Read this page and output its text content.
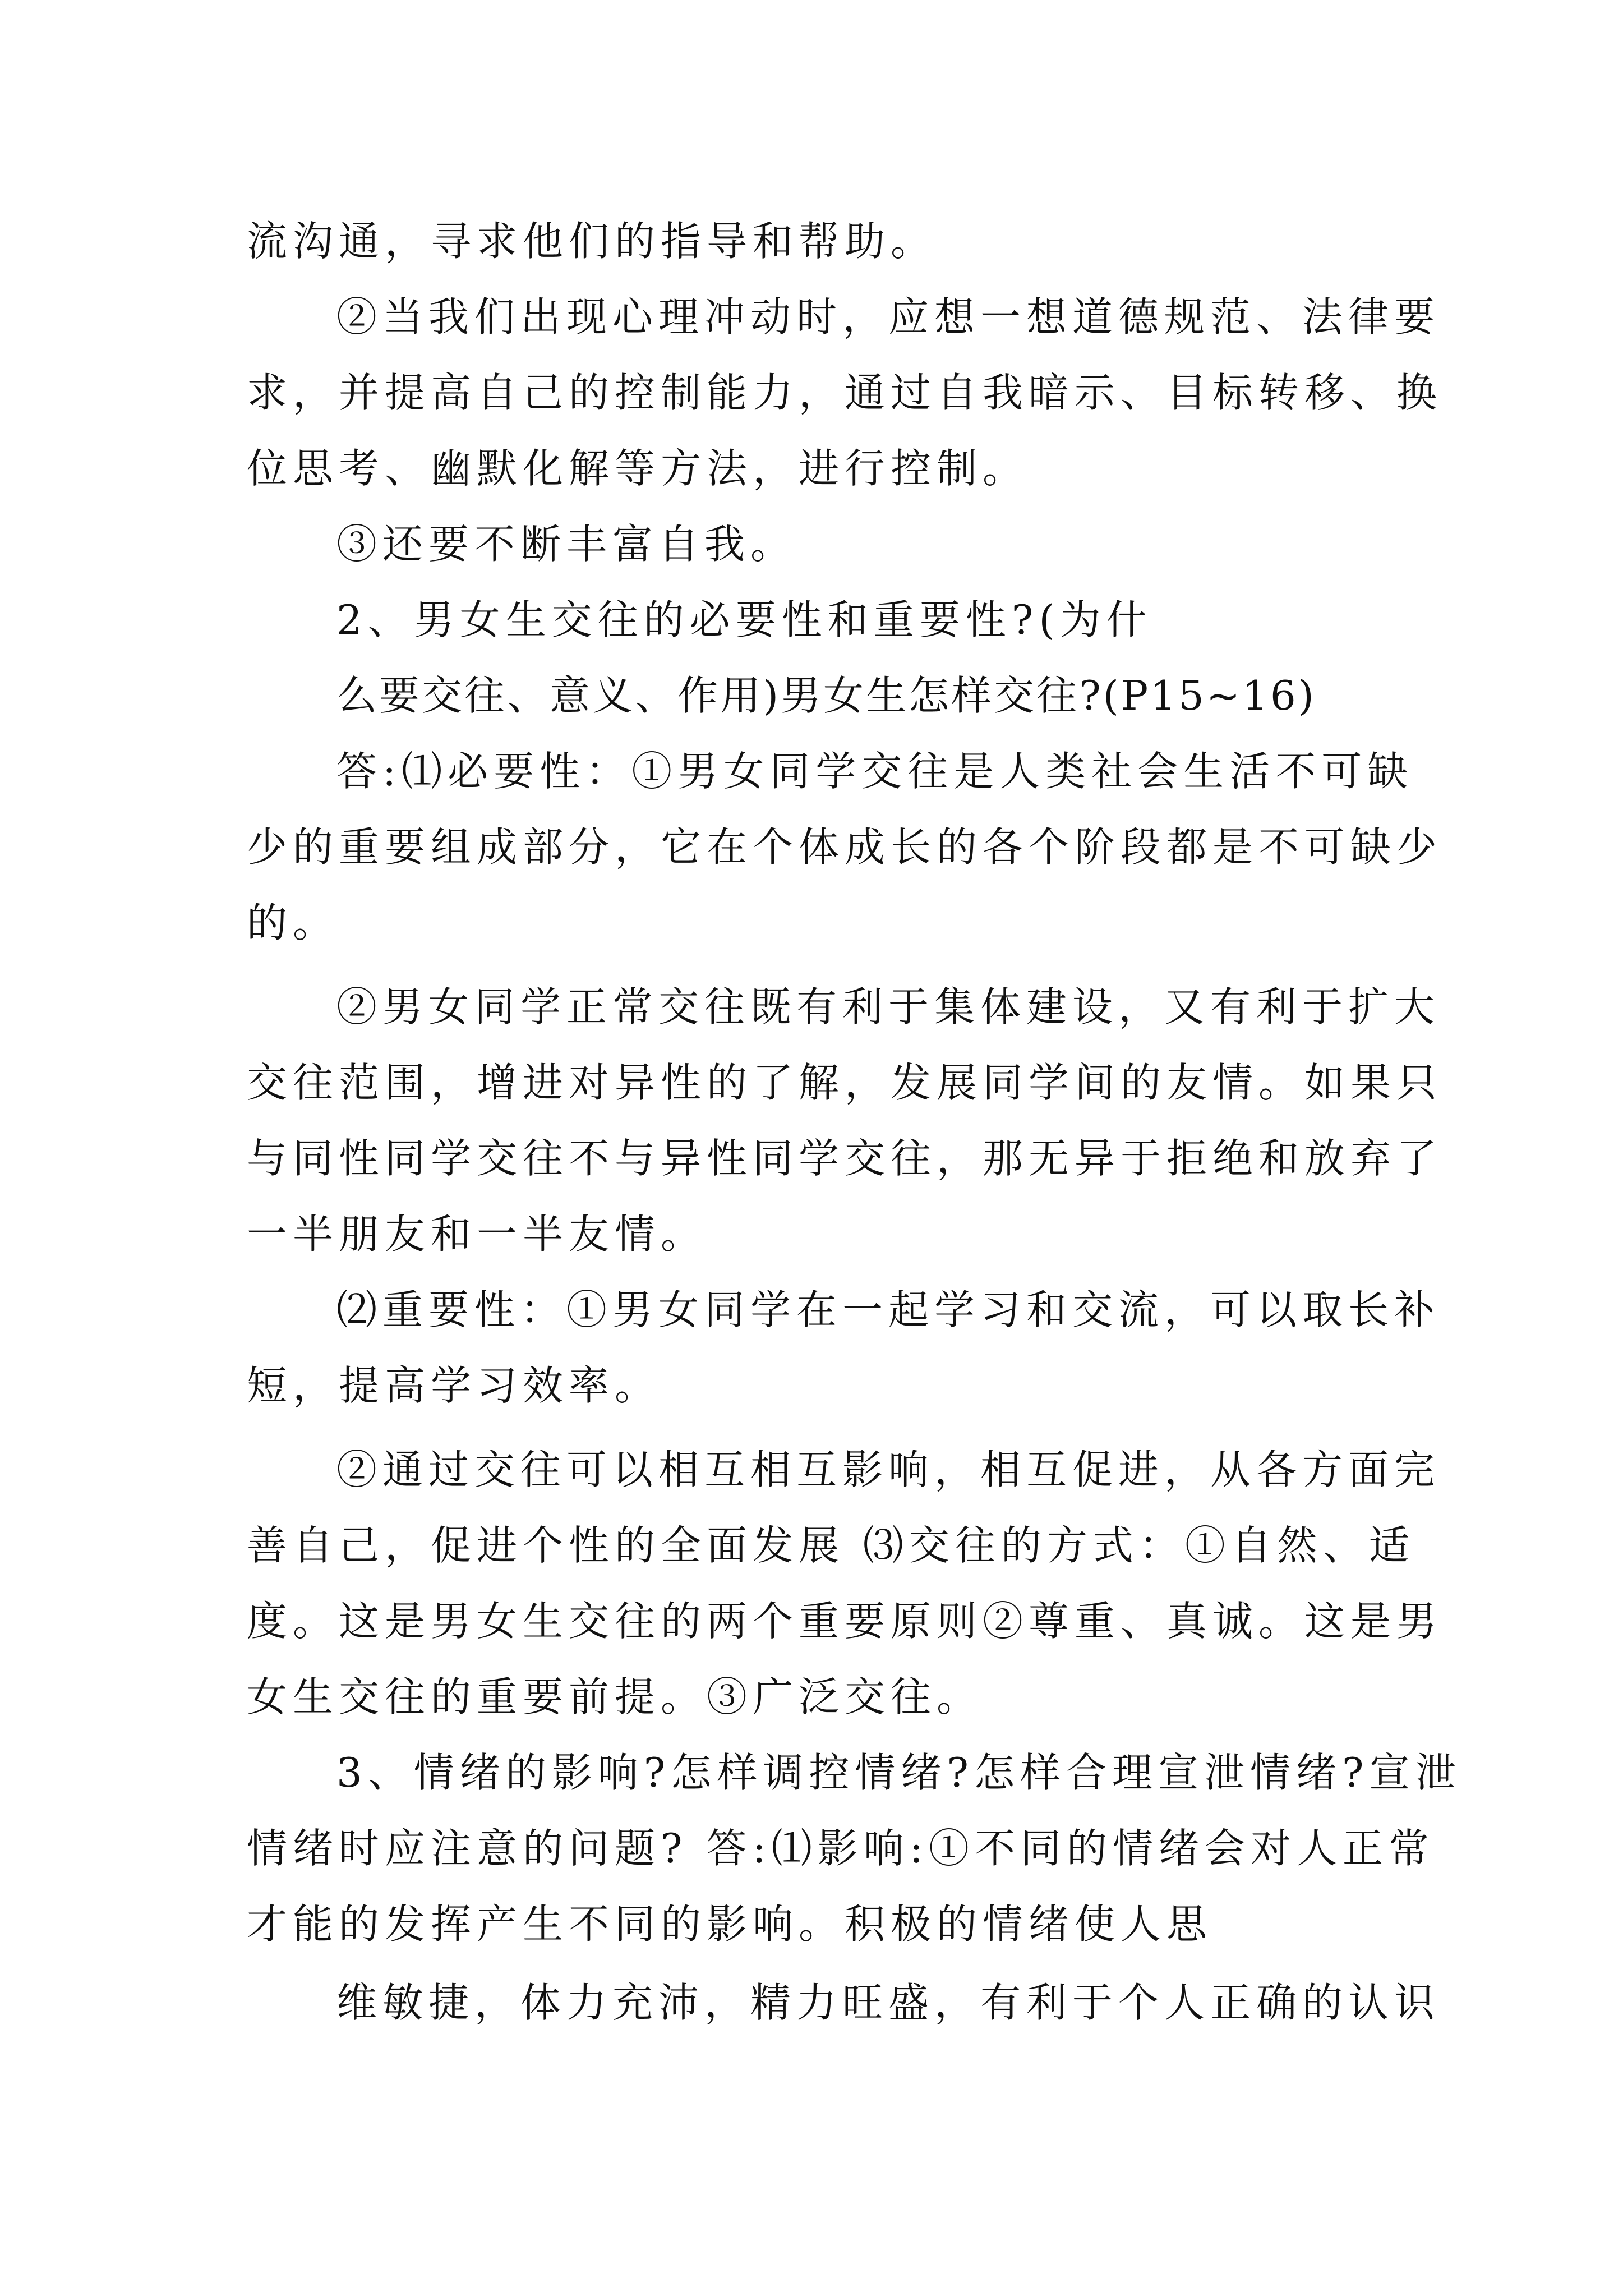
流沟通，寻求他们的指导和帮助。
②当我们出现心理冲动时，应想一想道德规范、法律要
求，并提高自己的控制能力，通过自我暗示、目标转移、换
位思考、幽默化解等方法，进行控制。
③还要不断丰富自我。
2、男女生交往的必要性和重要性?(为什
么要交往、意义、作用)男女生怎样交往?(P15~16)
答:⑴必要性：①男女同学交往是人类社会生活不可缺
少的重要组成部分，它在个体成长的各个阶段都是不可缺少
的。
②男女同学正常交往既有利于集体建设，又有利于扩大
交往范围，增进对异性的了解，发展同学间的友情。如果只
与同性同学交往不与异性同学交往，那无异于拒绝和放弃了
一半朋友和一半友情。
⑵重要性：①男女同学在一起学习和交流，可以取长补
短，提高学习效率。
②通过交往可以相互相互影响，相互促进，从各方面完
善自己，促进个性的全面发展 ⑶交往的方式：①自然、适
度。这是男女生交往的两个重要原则②尊重、真诚。这是男
女生交往的重要前提。③广泛交往。
3、情绪的影响?怎样调控情绪?怎样合理宣泄情绪?宣泄
情绪时应注意的问题? 答:⑴影响:①不同的情绪会对人正常
才能的发挥产生不同的影响。积极的情绪使人思
维敏捷，体力充沛，精力旺盛，有利于个人正确的认识
